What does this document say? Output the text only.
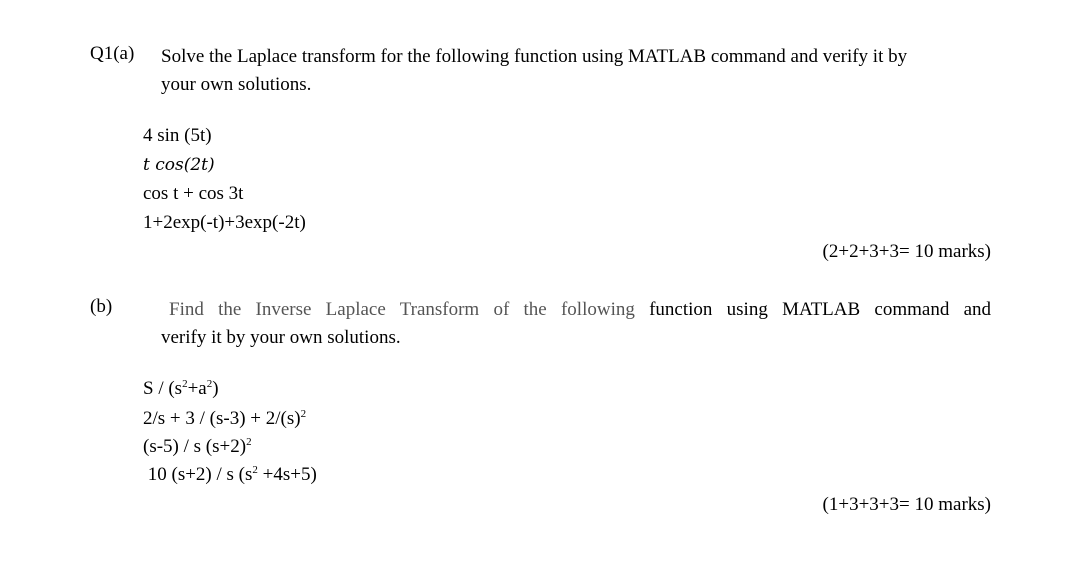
Q1(a) Solve the Laplace transform for the following function using MATLAB command and verify it by
your own solutions.
4 sin (5t)
t cos(2t)
cos t + cos 3t
1+2exp(-t)+3exp(-2t)
(2+2+3+3= 10 marks)
(b)	Find the Inverse Laplace Transform of the following function using MATLAB command and
verify it by your own solutions.
$S / (s^2+a^2)$
$2/s + 3 / (s-3) + 2/(s)^2$
(s-5) / s $(s+2)^2$
10 (s+2) / s $(s^2 +4s+5)$
(1+3+3+3= 10 marks)
